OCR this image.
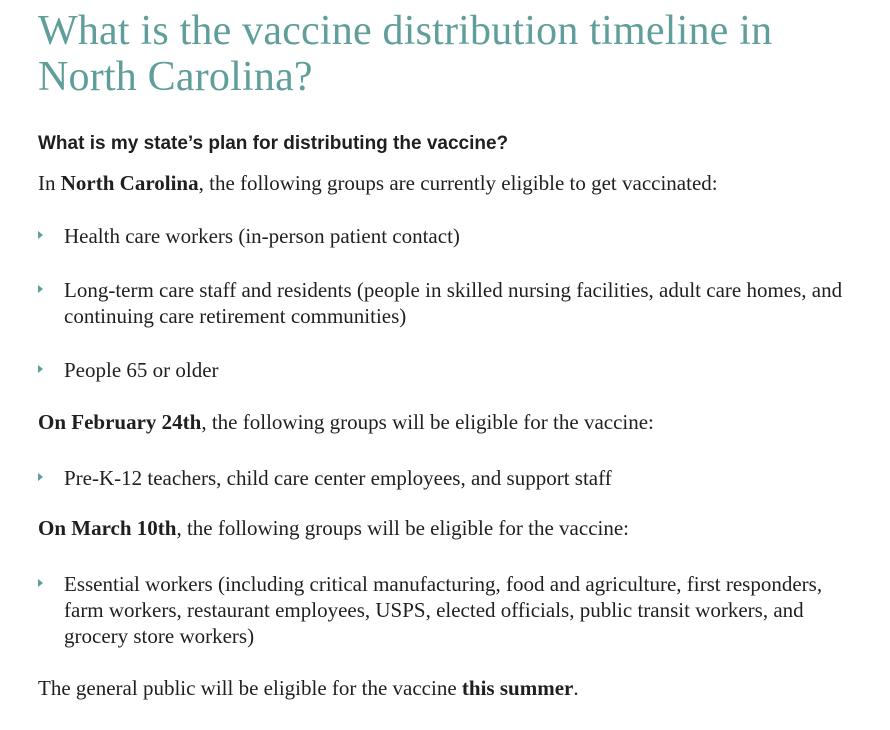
What is the vaccine distribution timeline in North Carolina?
What is my state’s plan for distributing the vaccine?

In North Carolina, the following groups are currently eligible to get vaccinated:

Health care workers (in-person patient contact)
Long-term care staff and residents (people in skilled nursing facilities, adult care homes, and continuing care retirement communities)
People 65 or older

On February 24th, the following groups will be eligible for the vaccine:

Pre-K-12 teachers, child care center employees, and support staff

On March 10th, the following groups will be eligible for the vaccine:

Essential workers (including critical manufacturing, food and agriculture, first responders, farm workers, restaurant employees, USPS, elected officials, public transit workers, and grocery store workers)

The general public will be eligible for the vaccine this summer.
